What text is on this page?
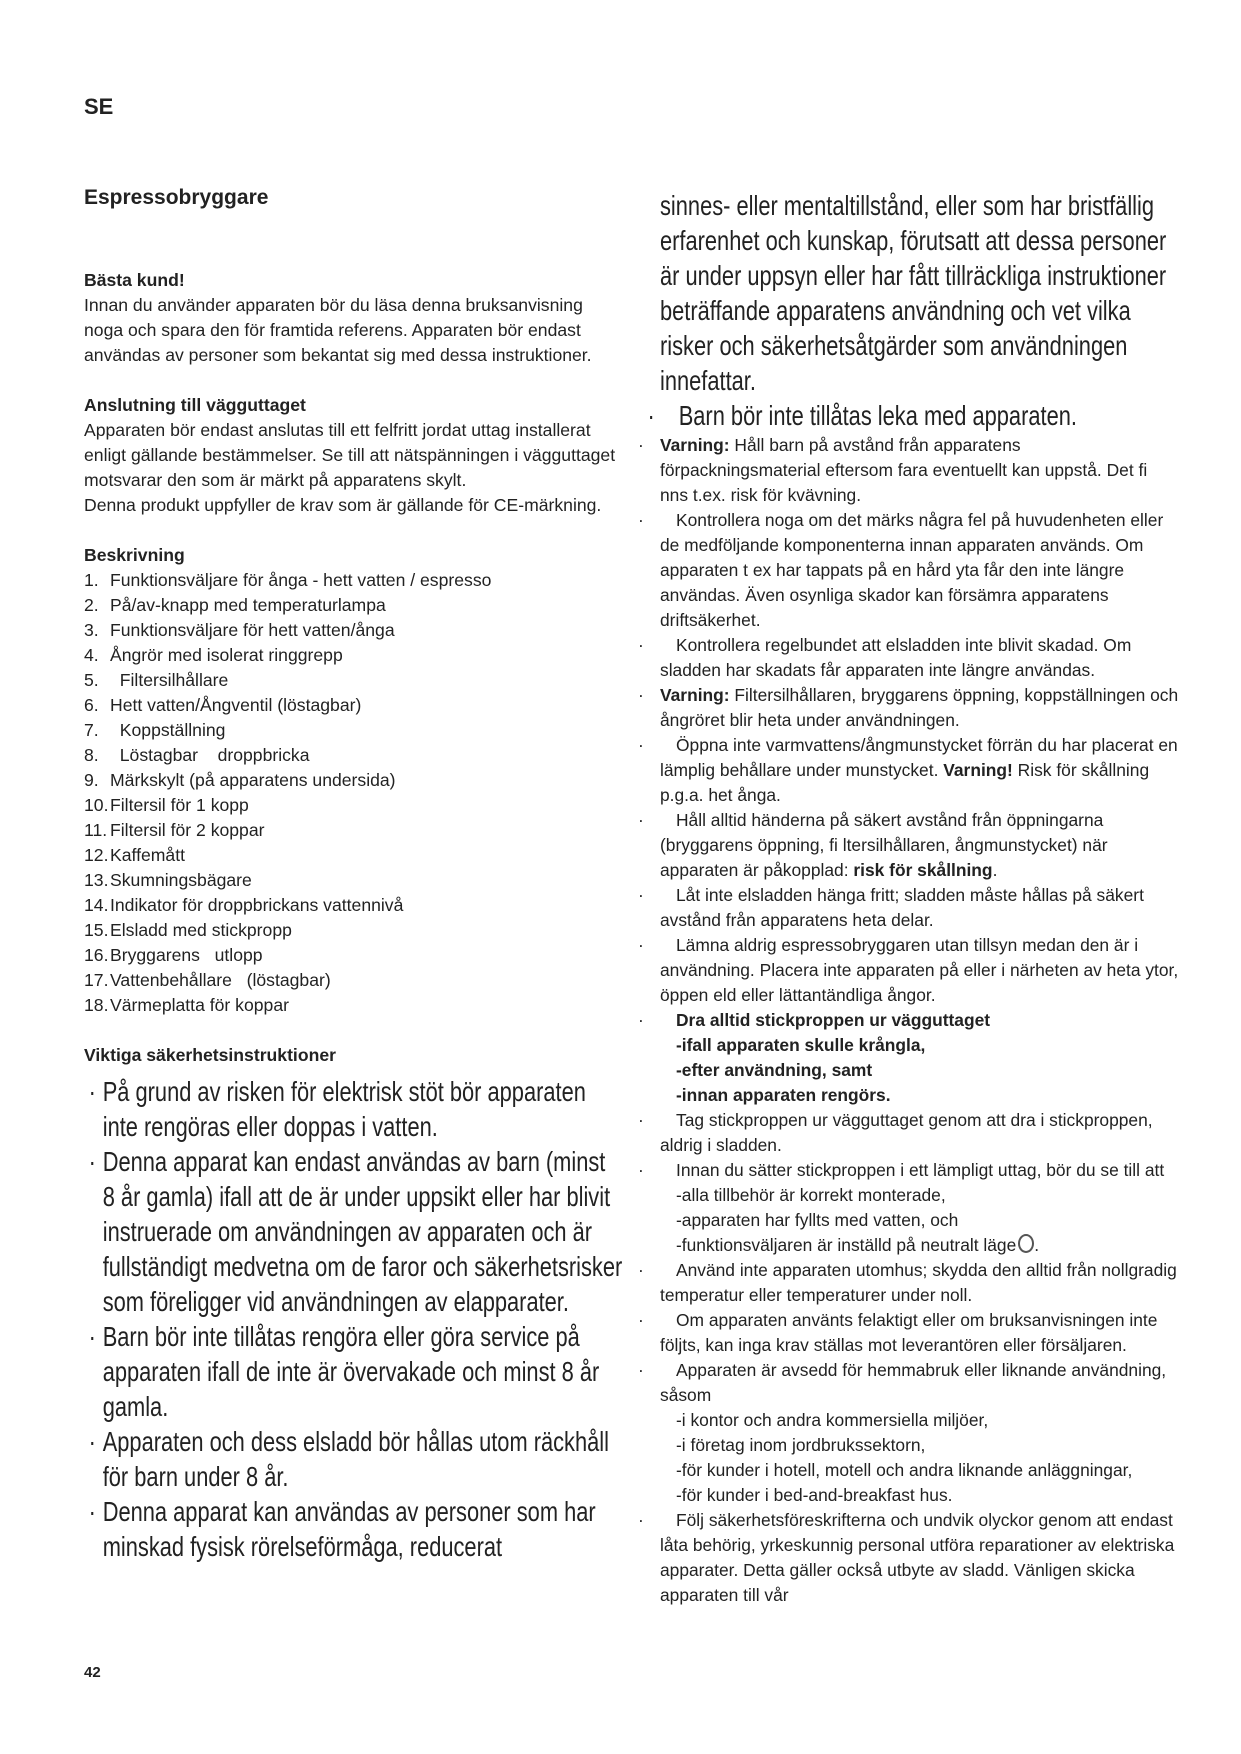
SE

Espressobryggare

Bästa kund!

Innan du använder apparaten bör du läsa denna bruksanvisning noga och spara den för framtida referens. Apparaten bör endast användas av personer som bekantat sig med dessa instruktioner.

Anslutning till vägguttaget

Apparaten bör endast anslutas till ett felfritt jordat uttag installerat enligt gällande bestämmelser. Se till att nätspänningen i vägguttaget motsvarar den som är märkt på apparatens skylt.

Denna produkt uppfyller de krav som är gällande för CE-märkning.

Beskrivning

1. Funktionsväljare för ånga - hett vatten / espresso
2. På/av-knapp med temperaturlampa
3. Funktionsväljare för hett vatten/ånga
4. Ångrör med isolerat ringgrepp
5. Filtersilhållare
6. Hett vatten/Ångventil (löstagbar)
7. Koppställning
8. Löstagbar    droppbricka
9. Märkskylt (på apparatens undersida)
10. Filtersil för 1 kopp
11. Filtersil för 2 koppar
12. Kaffemått
13. Skumningsbägare
14. Indikator för droppbrickans vattennivå
15. Elsladd med stickpropp
16. Bryggarens   utlopp
17. Vattenbehållare   (löstagbar)
18. Värmeplatta för koppar

Viktiga säkerhetsinstruktioner

· På grund av risken för elektrisk stöt bör apparaten inte rengöras eller doppas i vatten.
· Denna apparat kan endast användas av barn (minst 8 år gamla) ifall att de är under uppsikt eller har blivit instruerade om användningen av apparaten och är fullständigt medvetna om de faror och säkerhetsrisker som föreligger vid användningen av elapparater.
· Barn bör inte tillåtas rengöra eller göra service på apparaten ifall de inte är övervakade och minst 8 år gamla.
· Apparaten och dess elsladd bör hållas utom räckhåll för barn under 8 år.
· Denna apparat kan användas av personer som har minskad fysisk rörelseförmåga, reducerat

sinnes- eller mentaltillstånd, eller som har bristfällig erfarenhet och kunskap, förutsatt att dessa personer är under uppsyn eller har fått tillräckliga instruktioner beträffande apparatens användning och vet vilka risker och säkerhetsåtgärder som användningen innefattar.

· Barn bör inte tillåtas leka med apparaten.

· Varning: Håll barn på avstånd från apparatens förpackningsmaterial eftersom fara eventuellt kan uppstå. Det fi nns t.ex. risk för kvävning.
· Kontrollera noga om det märks några fel på huvudenheten eller de medföljande komponenterna innan apparaten används. Om apparaten t ex har tappats på en hård yta får den inte längre användas. Även osynliga skador kan försämra apparatens driftsäkerhet.
· Kontrollera regelbundet att elsladden inte blivit skadad. Om sladden har skadats får apparaten inte längre användas.
· Varning: Filtersilhållaren, bryggarens öppning, koppställningen och ångröret blir heta under användningen.
· Öppna inte varmvattens/ångmunstycket förrän du har placerat en lämplig behållare under munstycket. Varning! Risk för skållning p.g.a. het ånga.
· Håll alltid händerna på säkert avstånd från öppningarna (bryggarens öppning, fi ltersilhållaren, ångmunstycket) när apparaten är påkopplad: risk för skållning.
· Låt inte elsladden hänga fritt; sladden måste hållas på säkert avstånd från apparatens heta delar.
· Lämna aldrig espressobryggaren utan tillsyn medan den är i användning. Placera inte apparaten på eller i närheten av heta ytor, öppen eld eller lättantändliga ångor.
· Dra alltid stickproppen ur vägguttaget
-ifall apparaten skulle krångla,
-efter användning, samt
-innan apparaten rengörs.
· Tag stickproppen ur vägguttaget genom att dra i stickproppen, aldrig i sladden.
· Innan du sätter stickproppen i ett lämpligt uttag, bör du se till att
-alla tillbehör är korrekt monterade,
-apparaten har fyllts med vatten, och
-funktionsväljaren är inställd på neutralt läge .
· Använd inte apparaten utomhus; skydda den alltid från nollgradig temperatur eller temperaturer under noll.
· Om apparaten använts felaktigt eller om bruksanvisningen inte följts, kan inga krav ställas mot leverantören eller försäljaren.
· Apparaten är avsedd för hemmabruk eller liknande användning, såsom
-i kontor och andra kommersiella miljöer,
-i företag inom jordbrukssektorn,
-för kunder i hotell, motell och andra liknande anläggningar,
-för kunder i bed-and-breakfast hus.
· Följ säkerhetsföreskrifterna och undvik olyckor genom att endast låta behörig, yrkeskunnig personal utföra reparationer av elektriska apparater. Detta gäller också utbyte av sladd. Vänligen skicka apparaten till vår
42
